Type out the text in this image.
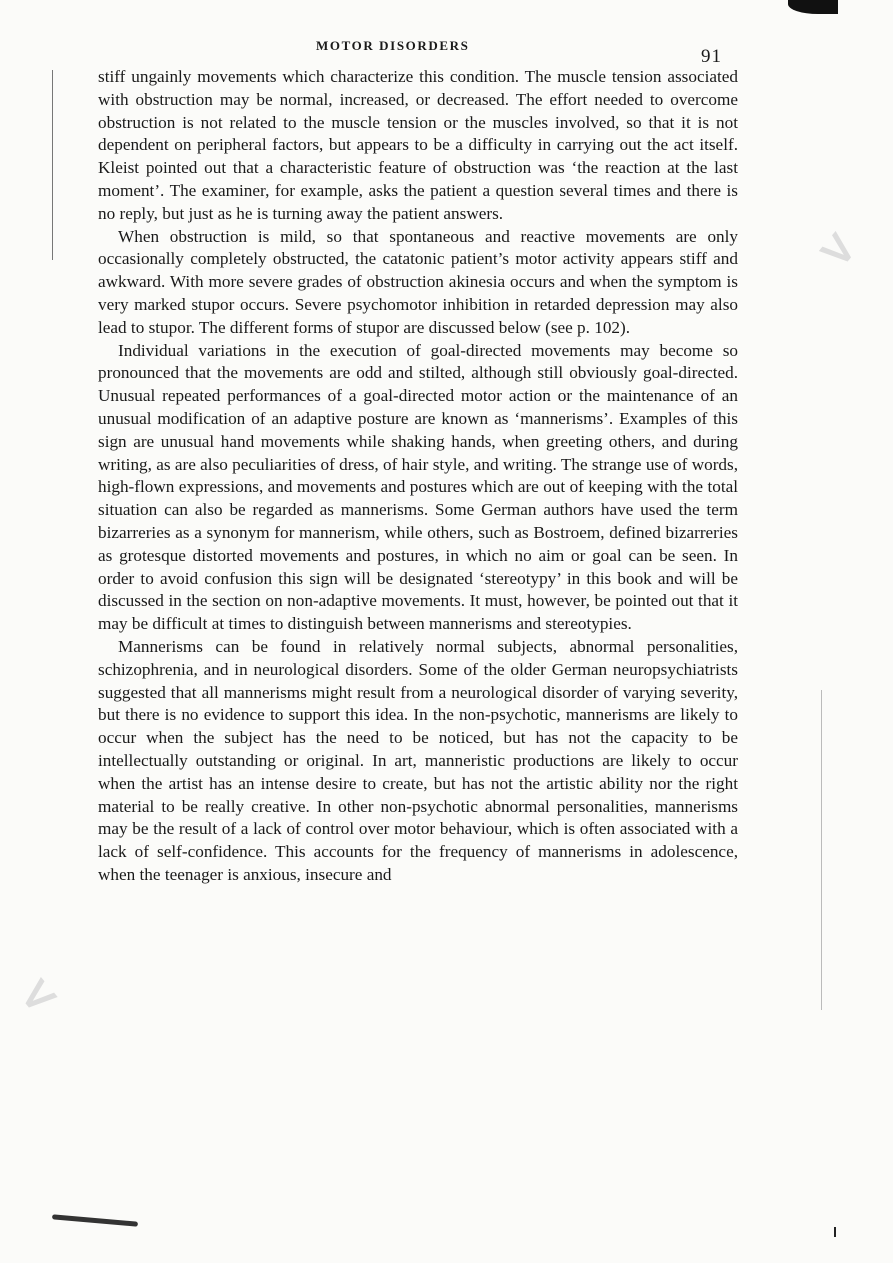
>
<
MOTOR DISORDERS
91

stiff ungainly movements which characterize this condition. The muscle tension associated with obstruction may be normal, increased, or decreased. The effort needed to overcome obstruction is not related to the muscle tension or the muscles involved, so that it is not dependent on peripheral factors, but appears to be a difficulty in carrying out the act itself. Kleist pointed out that a characteristic feature of obstruction was ‘the reaction at the last moment’. The examiner, for example, asks the patient a question several times and there is no reply, but just as he is turning away the patient answers.

When obstruction is mild, so that spontaneous and reactive movements are only occasionally completely obstructed, the catatonic patient’s motor activity appears stiff and awkward. With more severe grades of obstruction akinesia occurs and when the symptom is very marked stupor occurs. Severe psychomotor inhibition in retarded depression may also lead to stupor. The different forms of stupor are discussed below (see p. 102).

Individual variations in the execution of goal-directed movements may become so pronounced that the movements are odd and stilted, although still obviously goal-directed. Unusual repeated performances of a goal-directed motor action or the maintenance of an unusual modification of an adaptive posture are known as ‘mannerisms’. Examples of this sign are unusual hand movements while shaking hands, when greeting others, and during writing, as are also peculiarities of dress, of hair style, and writing. The strange use of words, high-flown expressions, and movements and postures which are out of keeping with the total situation can also be regarded as mannerisms. Some German authors have used the term bizarreries as a synonym for mannerism, while others, such as Bostroem, defined bizarreries as grotesque distorted movements and postures, in which no aim or goal can be seen. In order to avoid confusion this sign will be designated ‘stereotypy’ in this book and will be discussed in the section on non-adaptive movements. It must, however, be pointed out that it may be difficult at times to distinguish between mannerisms and stereotypies.

Mannerisms can be found in relatively normal subjects, abnormal personalities, schizophrenia, and in neurological disorders. Some of the older German neuropsychiatrists suggested that all mannerisms might result from a neurological disorder of varying severity, but there is no evidence to support this idea. In the non-psychotic, mannerisms are likely to occur when the subject has the need to be noticed, but has not the capacity to be intellectually outstanding or original. In art, manneristic productions are likely to occur when the artist has an intense desire to create, but has not the artistic ability nor the right material to be really creative. In other non-psychotic abnormal personalities, mannerisms may be the result of a lack of control over motor behaviour, which is often associated with a lack of self-confidence. This accounts for the frequency of mannerisms in adolescence, when the teenager is anxious, insecure and
